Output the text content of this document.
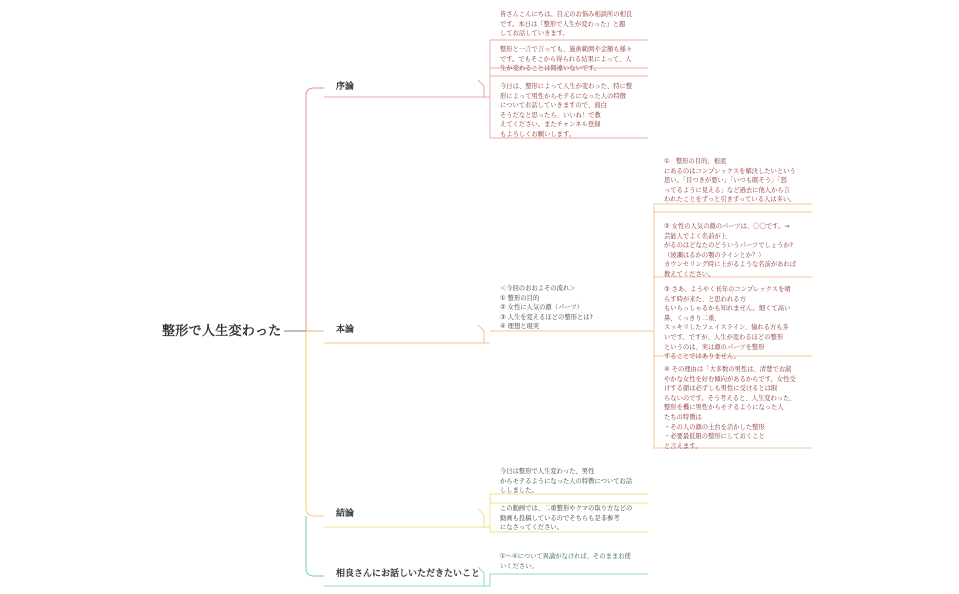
整形で人生変わった
序論
本論
結論
相良さんにお話しいただきたいこと
皆さんこんにちは。目元のお悩み相談所の相良
です。本日は『整形で人生が変わった』と題
してお話していきます。
整形と一言で言っても、施術範囲や金額も様々
です。でもそこから得られる結果によって、人
生が変わることは間違いないです。
今日は、整形によって人生が変わった、特に整
形によって男性からモテるになった人の特徴
についてお話していきますので、面白
そうだなと思ったら、いいね！で教
えてください。またチャンネル登録
もよろしくお願いします。
＜今回のおおよその流れ＞
① 整形の目的
② 女性に人気の顔（パーツ）
③ 人生を変えるほどの整形とは?
④ 理想と現実
①　整形の目的、根底
にあるのはコンプレックスを解決したいという
思い。「目つきが悪い」「いつも眠そう」「怒
ってるように見える」など過去に他人から言
われたことをずっと引きずっている人は多い。
② 女性の人気の顔のパーツは、〇〇です。→
芸能人でよく名前が上
がるのはどなたのどういうパーツでしょうか?
（綾瀬はるかの顎のラインとか？）
カウンセリング時に上がるような名前があれば
教えてください。
③ さあ、ようやく長年のコンプレックスを晴
らす時が来た、と思われる方
もいらっしゃるかも知れません。細くて高い
鼻、くっきり二重、
スッキリしたフェイスライン、憧れる方も多
いです。ですが、人生が変わるほどの整形
というのは、実は顔のパーツを整形
することではありません。
④ その理由は「大多数の男性は、清楚でお淑
やかな女性を好む傾向があるからです。女性受
けする顔は必ずしも男性に受けるとは限
らないのです。そう考えると、人生変わった、
整形を機に男性からモテるようになった人
たちの特徴は
・その人の顔の土台を活かした整形
・必要最低限の整形にしておくこと
と言えます。
今日は整形で人生変わった、男性
からモテるようになった人の特徴についてお話
ししました。
この動画では、二重整形やクマの取り方などの
動画も投稿しているのでそちらも是非参考
になさってください。
①～④について異論がなければ、そのままお使
いください。
